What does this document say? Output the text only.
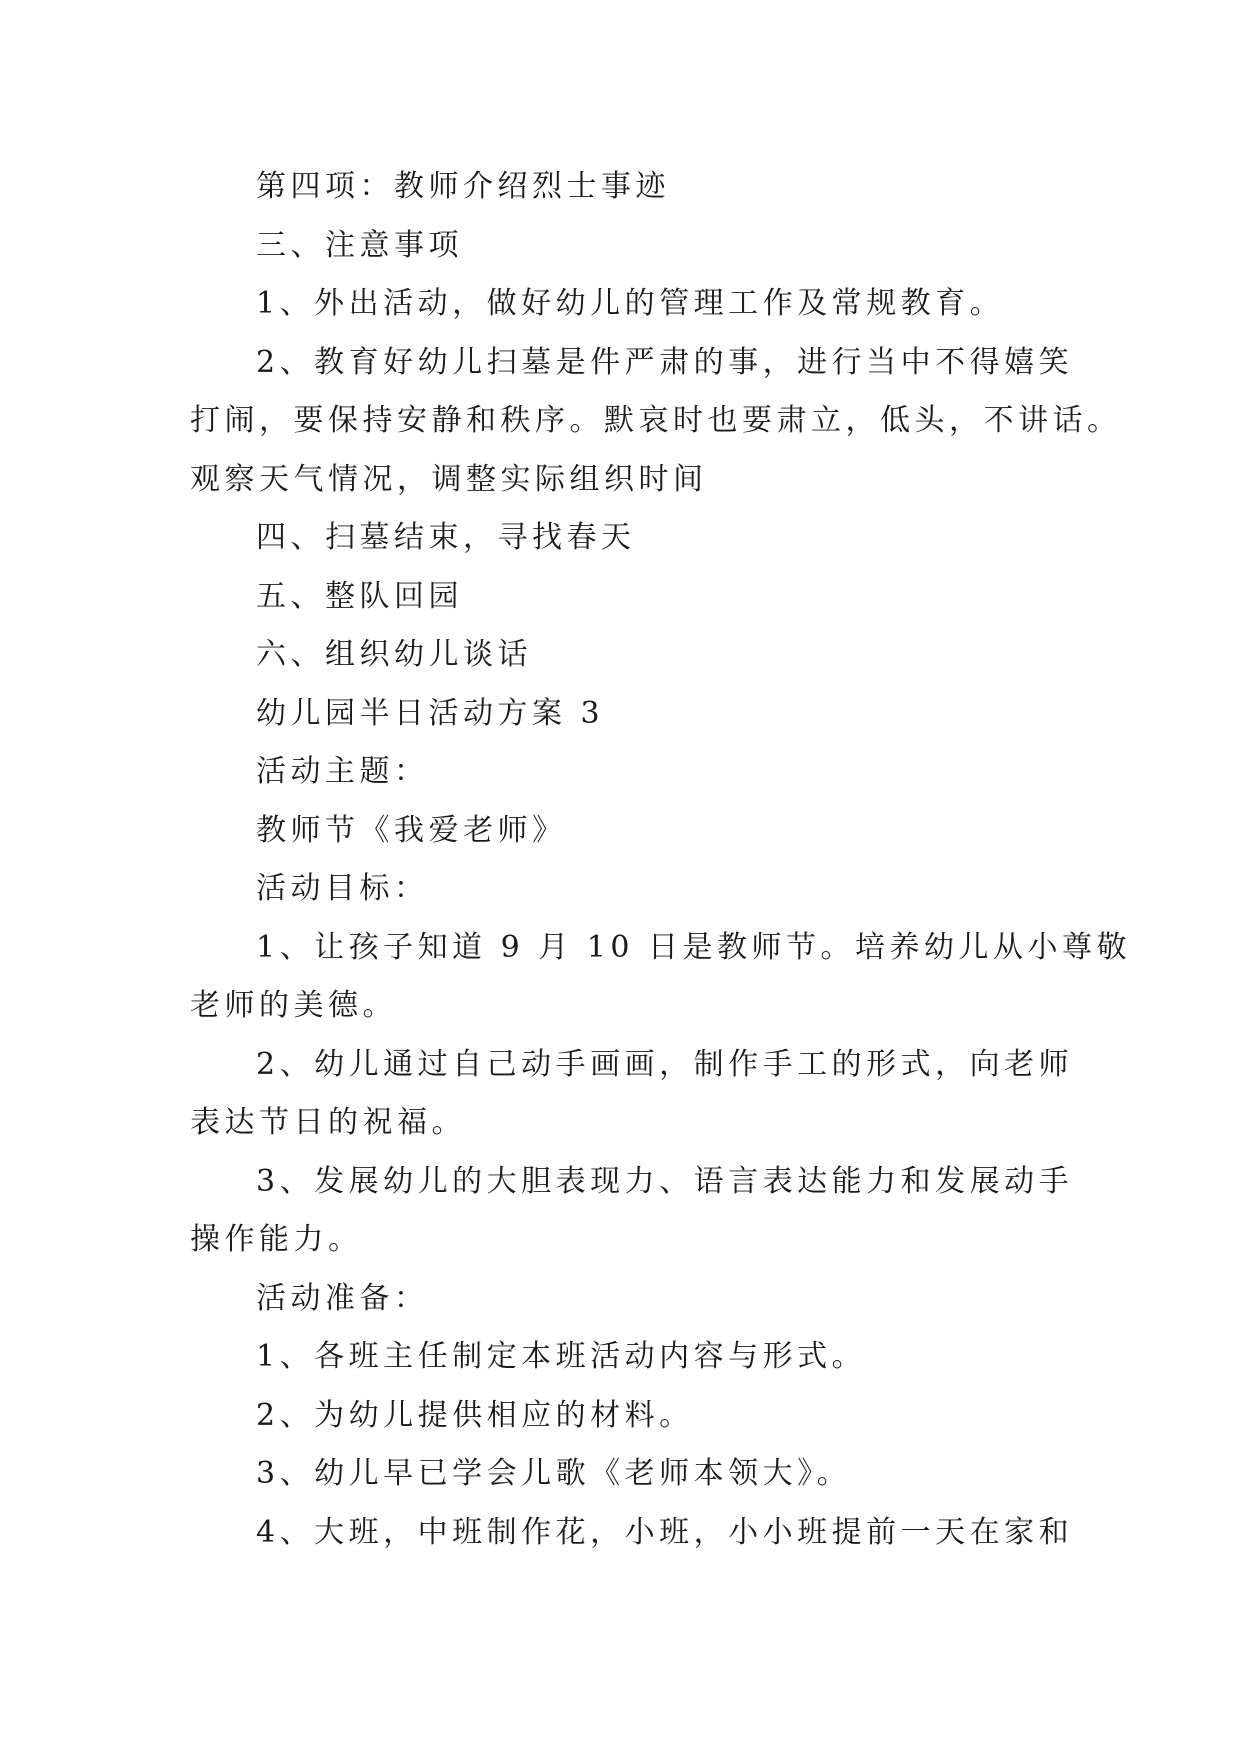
第四项：教师介绍烈士事迹

三、注意事项

1、外出活动，做好幼儿的管理工作及常规教育。

2、教育好幼儿扫墓是件严肃的事，进行当中不得嬉笑

打闹，要保持安静和秩序。默哀时也要肃立，低头，不讲话。

观察天气情况，调整实际组织时间

四、扫墓结束，寻找春天

五、整队回园

六、组织幼儿谈话

幼儿园半日活动方案 3

活动主题：

教师节《我爱老师》

活动目标：

1、让孩子知道 9 月 10 日是教师节。培养幼儿从小尊敬

老师的美德。

2、幼儿通过自己动手画画，制作手工的形式，向老师

表达节日的祝福。

3、发展幼儿的大胆表现力、语言表达能力和发展动手

操作能力。

活动准备：

1、各班主任制定本班活动内容与形式。

2、为幼儿提供相应的材料。

3、幼儿早已学会儿歌《老师本领大》。

4、大班，中班制作花，小班，小小班提前一天在家和
